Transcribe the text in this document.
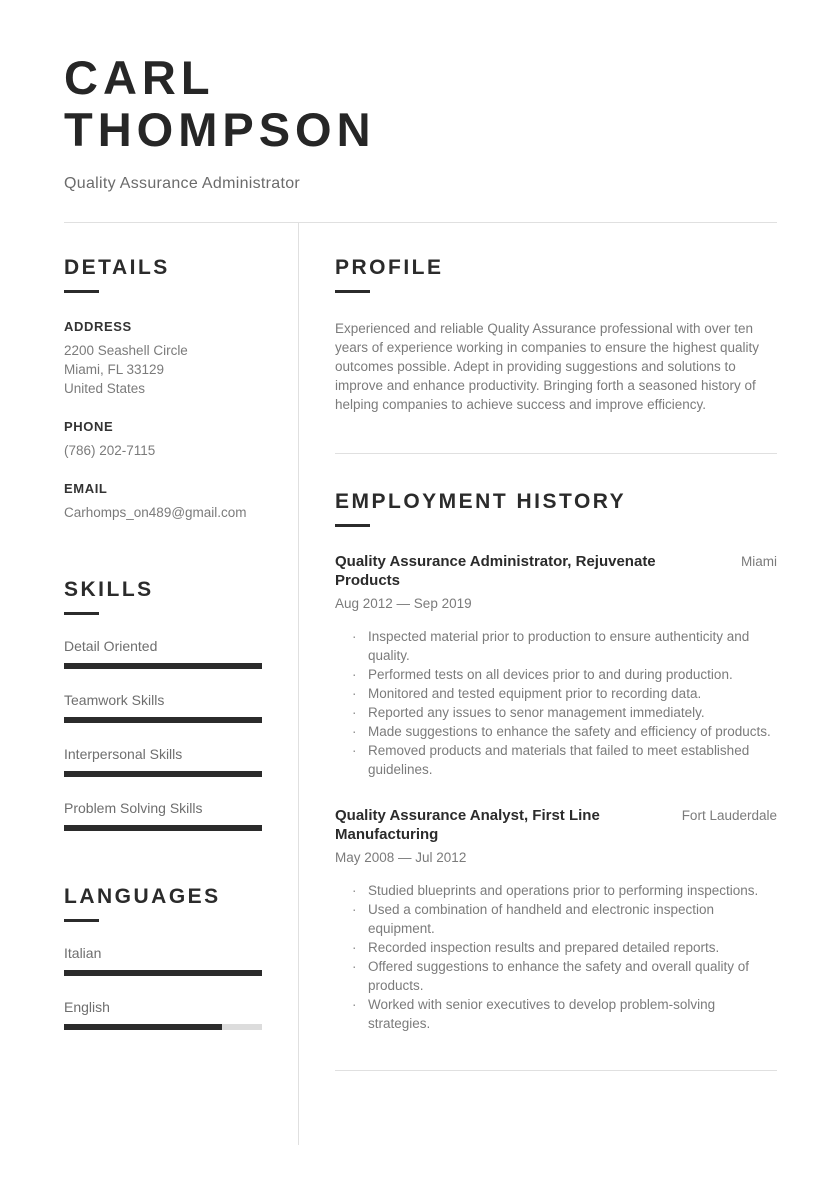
CARL
THOMPSON
Quality Assurance Administrator
DETAILS
ADDRESS
2200 Seashell Circle
Miami, FL 33129
United States
PHONE
(786) 202-7115
EMAIL
Carhomps_on489@gmail.com
SKILLS
Detail Oriented
Teamwork Skills
Interpersonal Skills
Problem Solving Skills
LANGUAGES
Italian
English
PROFILE

Experienced and reliable Quality Assurance professional with over ten years of experience working in companies to ensure the highest quality outcomes possible. Adept in providing suggestions and solutions to improve and enhance productivity. Bringing forth a seasoned history of helping companies to achieve success and improve efficiency.

EMPLOYMENT HISTORY
Quality Assurance Administrator, Rejuvenate Products
Miami
Aug 2012 — Sep 2019
· Inspected material prior to production to ensure authenticity and quality.
· Performed tests on all devices prior to and during production.
· Monitored and tested equipment prior to recording data.
· Reported any issues to senor management immediately.
· Made suggestions to enhance the safety and efficiency of products.
· Removed products and materials that failed to meet established guidelines.
Quality Assurance Analyst, First Line Manufacturing
Fort Lauderdale
May 2008 — Jul 2012
· Studied blueprints and operations prior to performing inspections.
· Used a combination of handheld and electronic inspection equipment.
· Recorded inspection results and prepared detailed reports.
· Offered suggestions to enhance the safety and overall quality of products.
· Worked with senior executives to develop problem-solving strategies.
